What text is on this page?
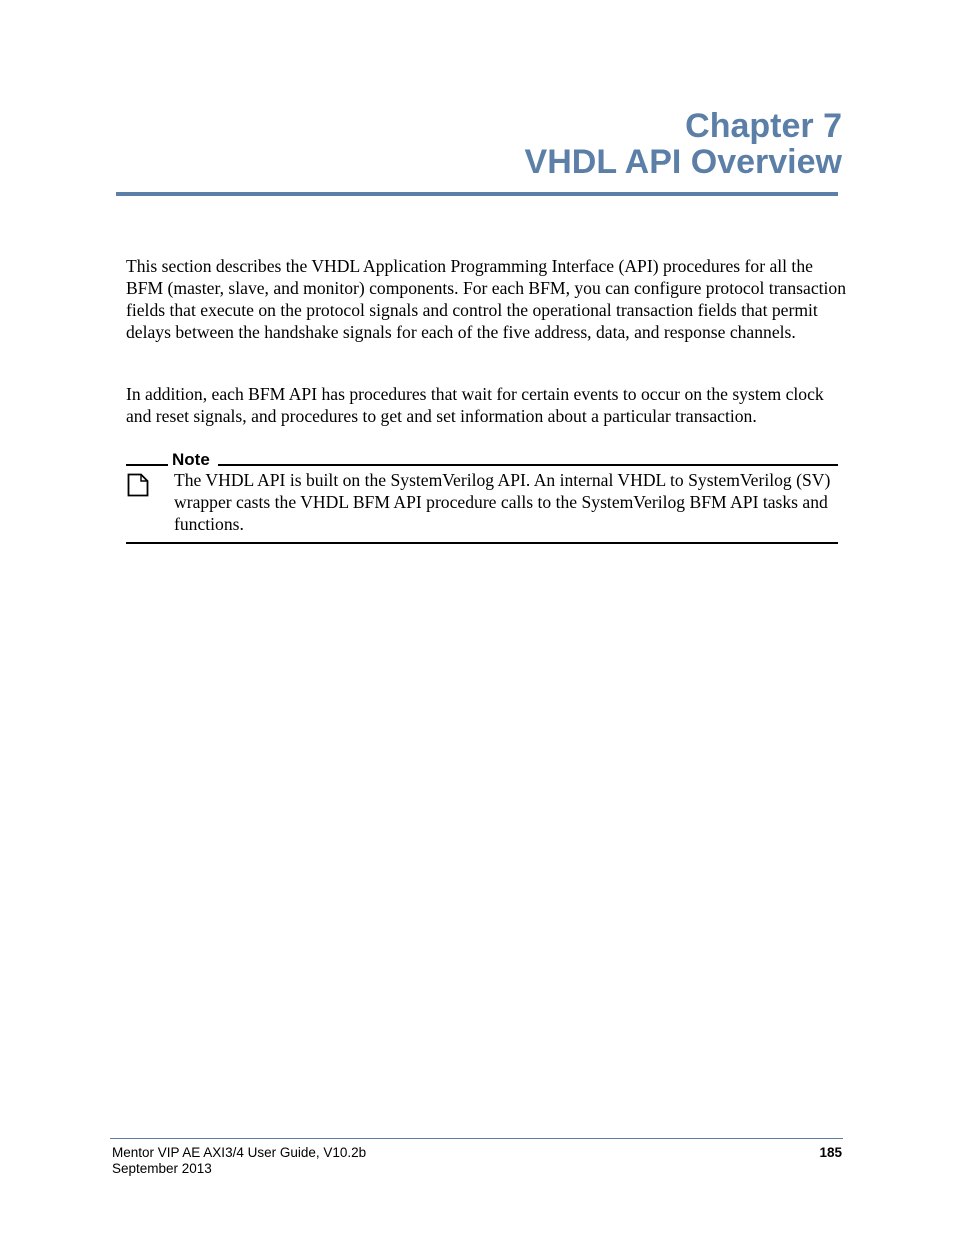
Chapter 7
VHDL API Overview

This section describes the VHDL Application Programming Interface (API) procedures for all the BFM (master, slave, and monitor) components. For each BFM, you can configure protocol transaction fields that execute on the protocol signals and control the operational transaction fields that permit delays between the handshake signals for each of the five address, data, and response channels.

In addition, each BFM API has procedures that wait for certain events to occur on the system clock and reset signals, and procedures to get and set information about a particular transaction.

Note

The VHDL API is built on the SystemVerilog API. An internal VHDL to SystemVerilog (SV) wrapper casts the VHDL BFM API procedure calls to the SystemVerilog BFM API tasks and functions.

Mentor VIP AE AXI3/4 User Guide, V10.2b

September 2013

185
